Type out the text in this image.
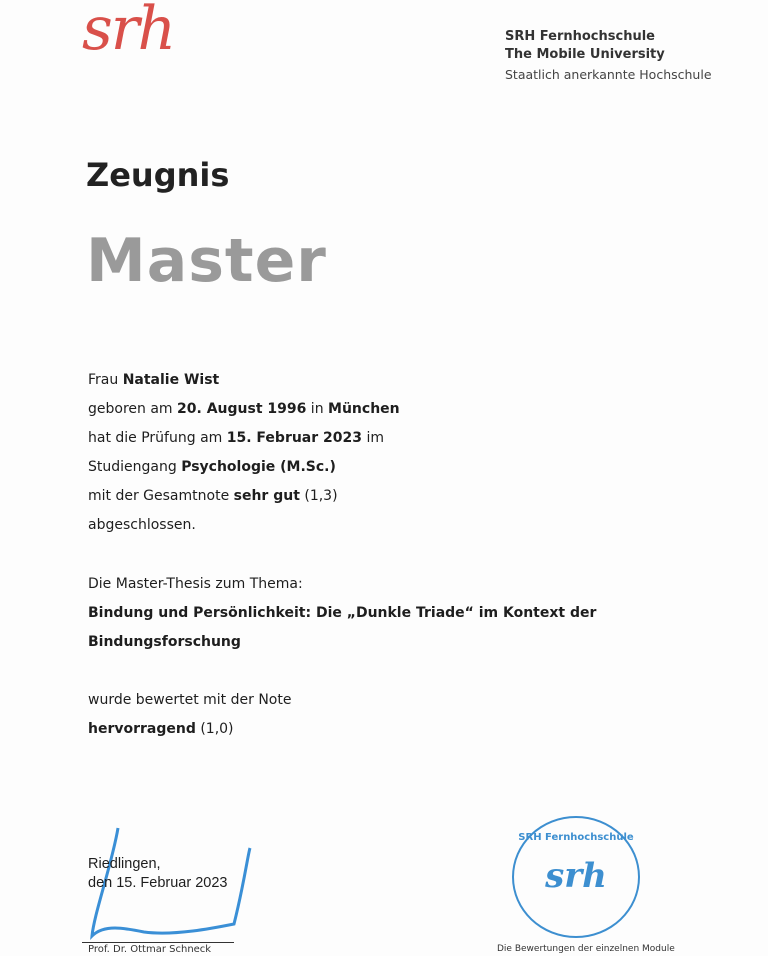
srh	SRH Fernhochschule
The Mobile University
Staatlich anerkannte Hochschule
Zeugnis
Master
Frau Natalie Wist
geboren am 20. August 1996 in München
hat die Prüfung am 15. Februar 2023 im
Studiengang Psychologie (M.Sc.)
mit der Gesamtnote sehr gut (1,3)
abgeschlossen.
Die Master-Thesis zum Thema:
Bindung und Persönlichkeit: Die „Dunkle Triade“ im Kontext der
Bindungsforschung
wurde bewertet mit der Note
hervorragend (1,0)
Riedlingen,
den 15. Februar 2023
Prof. Dr. Ottmar Schneck
SRH Fernhochschule
srh
Die Bewertungen der einzelnen Module
